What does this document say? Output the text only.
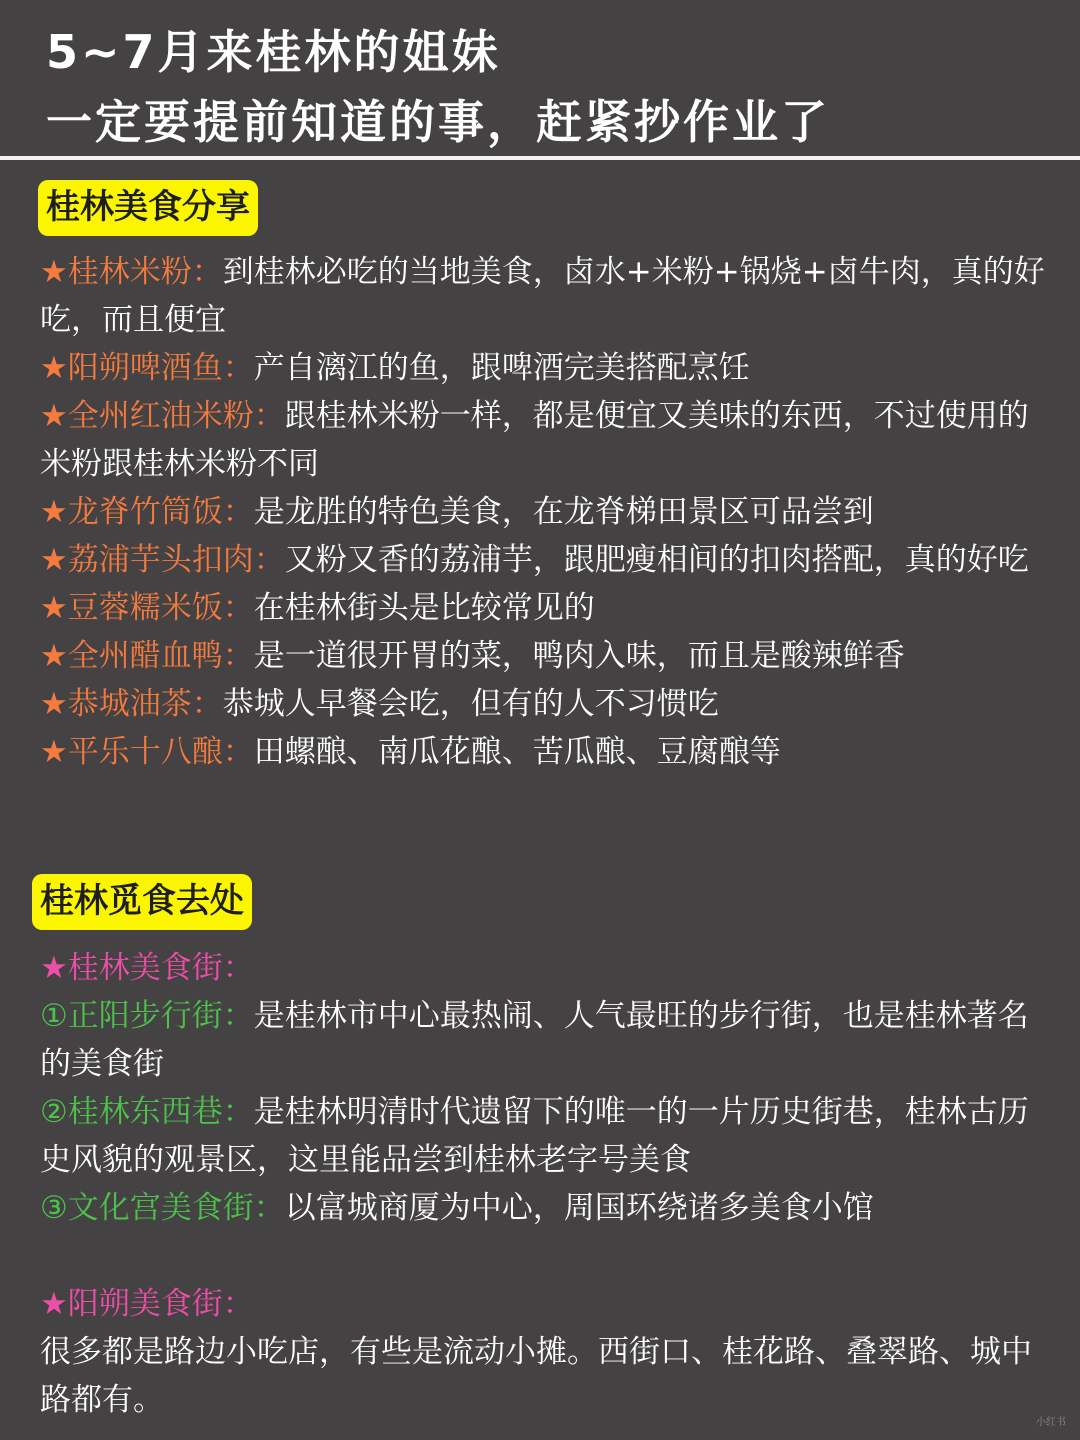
5~7月来桂林的姐妹
一定要提前知道的事，赶紧抄作业了
桂林美食分享

★桂林米粉：到桂林必吃的当地美食，卤水+米粉+锅烧+卤牛肉，真的好吃，而且便宜

★阳朔啤酒鱼：产自漓江的鱼，跟啤酒完美搭配烹饪

★全州红油米粉：跟桂林米粉一样，都是便宜又美味的东西，不过使用的米粉跟桂林米粉不同

★龙脊竹筒饭：是龙胜的特色美食，在龙脊梯田景区可品尝到

★荔浦芋头扣肉：又粉又香的荔浦芋，跟肥瘦相间的扣肉搭配，真的好吃

★豆蓉糯米饭：在桂林街头是比较常见的

★全州醋血鸭：是一道很开胃的菜，鸭肉入味，而且是酸辣鲜香

★恭城油茶：恭城人早餐会吃，但有的人不习惯吃

★平乐十八酿：田螺酿、南瓜花酿、苦瓜酿、豆腐酿等

桂林觅食去处

★桂林美食街：

①正阳步行街：是桂林市中心最热闹、人气最旺的步行街，也是桂林著名的美食街

②桂林东西巷：是桂林明清时代遗留下的唯一的一片历史街巷，桂林古历史风貌的观景区，这里能品尝到桂林老字号美食

③文化宫美食街：以富城商厦为中心，周国环绕诸多美食小馆

★阳朔美食街：

很多都是路边小吃店，有些是流动小摊。西街口、桂花路、叠翠路、城中路都有。

小红书
